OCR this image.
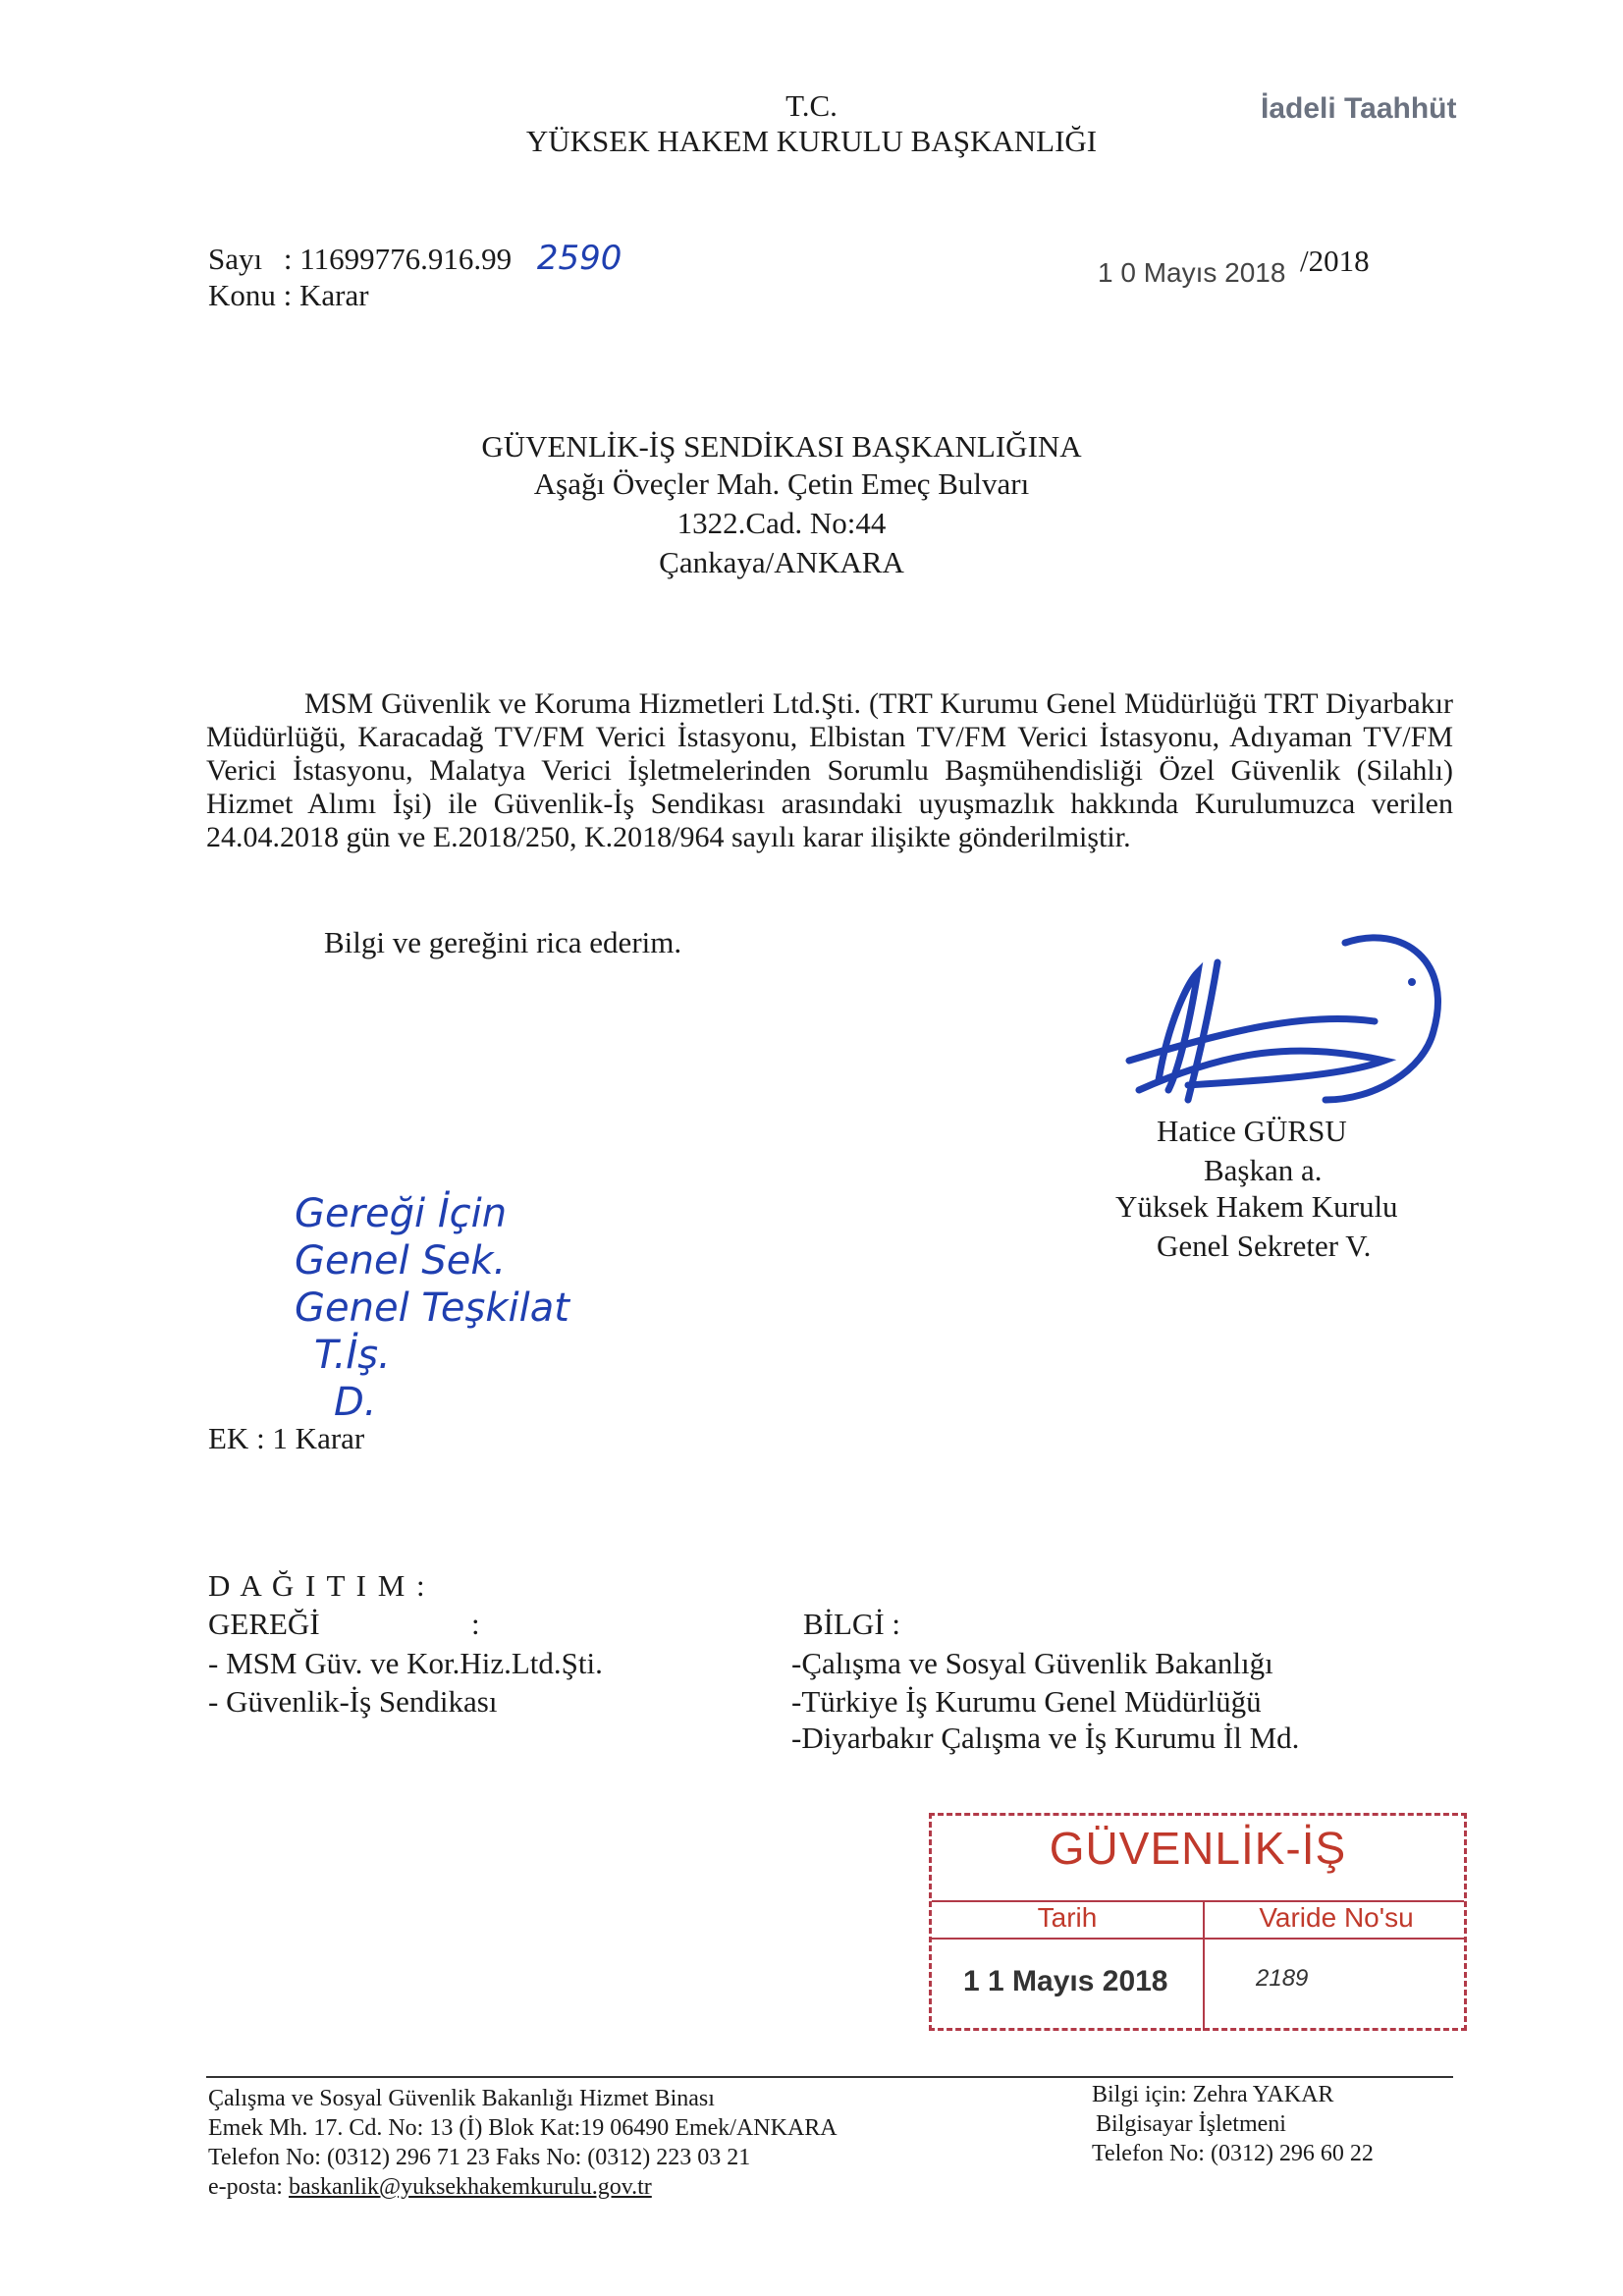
İadeli Taahhüt
T.C.
YÜKSEK HAKEM KURULU BAŞKANLIĞI
Sayı : 11699776.916.99 2590
Konu : Karar
1 0 Mayıs 2018 /2018
GÜVENLİK-İŞ SENDİKASI BAŞKANLIĞINA
Aşağı Öveçler Mah. Çetin Emeç Bulvarı
1322.Cad. No:44
Çankaya/ANKARA
MSM Güvenlik ve Koruma Hizmetleri Ltd.Şti. (TRT Kurumu Genel Müdürlüğü TRT Diyarbakır Müdürlüğü, Karacadağ TV/FM Verici İstasyonu, Elbistan TV/FM Verici İstasyonu, Adıyaman TV/FM Verici İstasyonu, Malatya Verici İşletmelerinden Sorumlu Başmühendisliği Özel Güvenlik (Silahlı) Hizmet Alımı İşi) ile Güvenlik-İş Sendikası arasındaki uyuşmazlık hakkında Kurulumuzca verilen 24.04.2018 gün ve E.2018/250, K.2018/964 sayılı karar ilişikte gönderilmiştir.
Bilgi ve gereğini rica ederim.
Hatice GÜRSU
Başkan a.
Yüksek Hakem Kurulu
Genel Sekreter V.
Gereği İçin
Genel Sek.
Genel Teşkilat
T.İş.
D.
EK : 1 Karar
D A Ğ I T I M :
GEREĞİ	:
- MSM Güv. ve Kor.Hiz.Ltd.Şti.
- Güvenlik-İş Sendikası
BİLGİ :
-Çalışma ve Sosyal Güvenlik Bakanlığı
-Türkiye İş Kurumu Genel Müdürlüğü
-Diyarbakır Çalışma ve İş Kurumu İl Md.
GÜVENLİK-İŞ
Tarih	Varide No'su
1 1 Mayıs 2018	2189
Çalışma ve Sosyal Güvenlik Bakanlığı Hizmet Binası
Emek Mh. 17. Cd. No: 13 (İ) Blok Kat:19 06490 Emek/ANKARA
Telefon No: (0312) 296 71 23 Faks No: (0312) 223 03 21
e-posta: baskanlik@yuksekhakemkurulu.gov.tr
Bilgi için: Zehra YAKAR
Bilgisayar İşletmeni
Telefon No: (0312) 296 60 22
